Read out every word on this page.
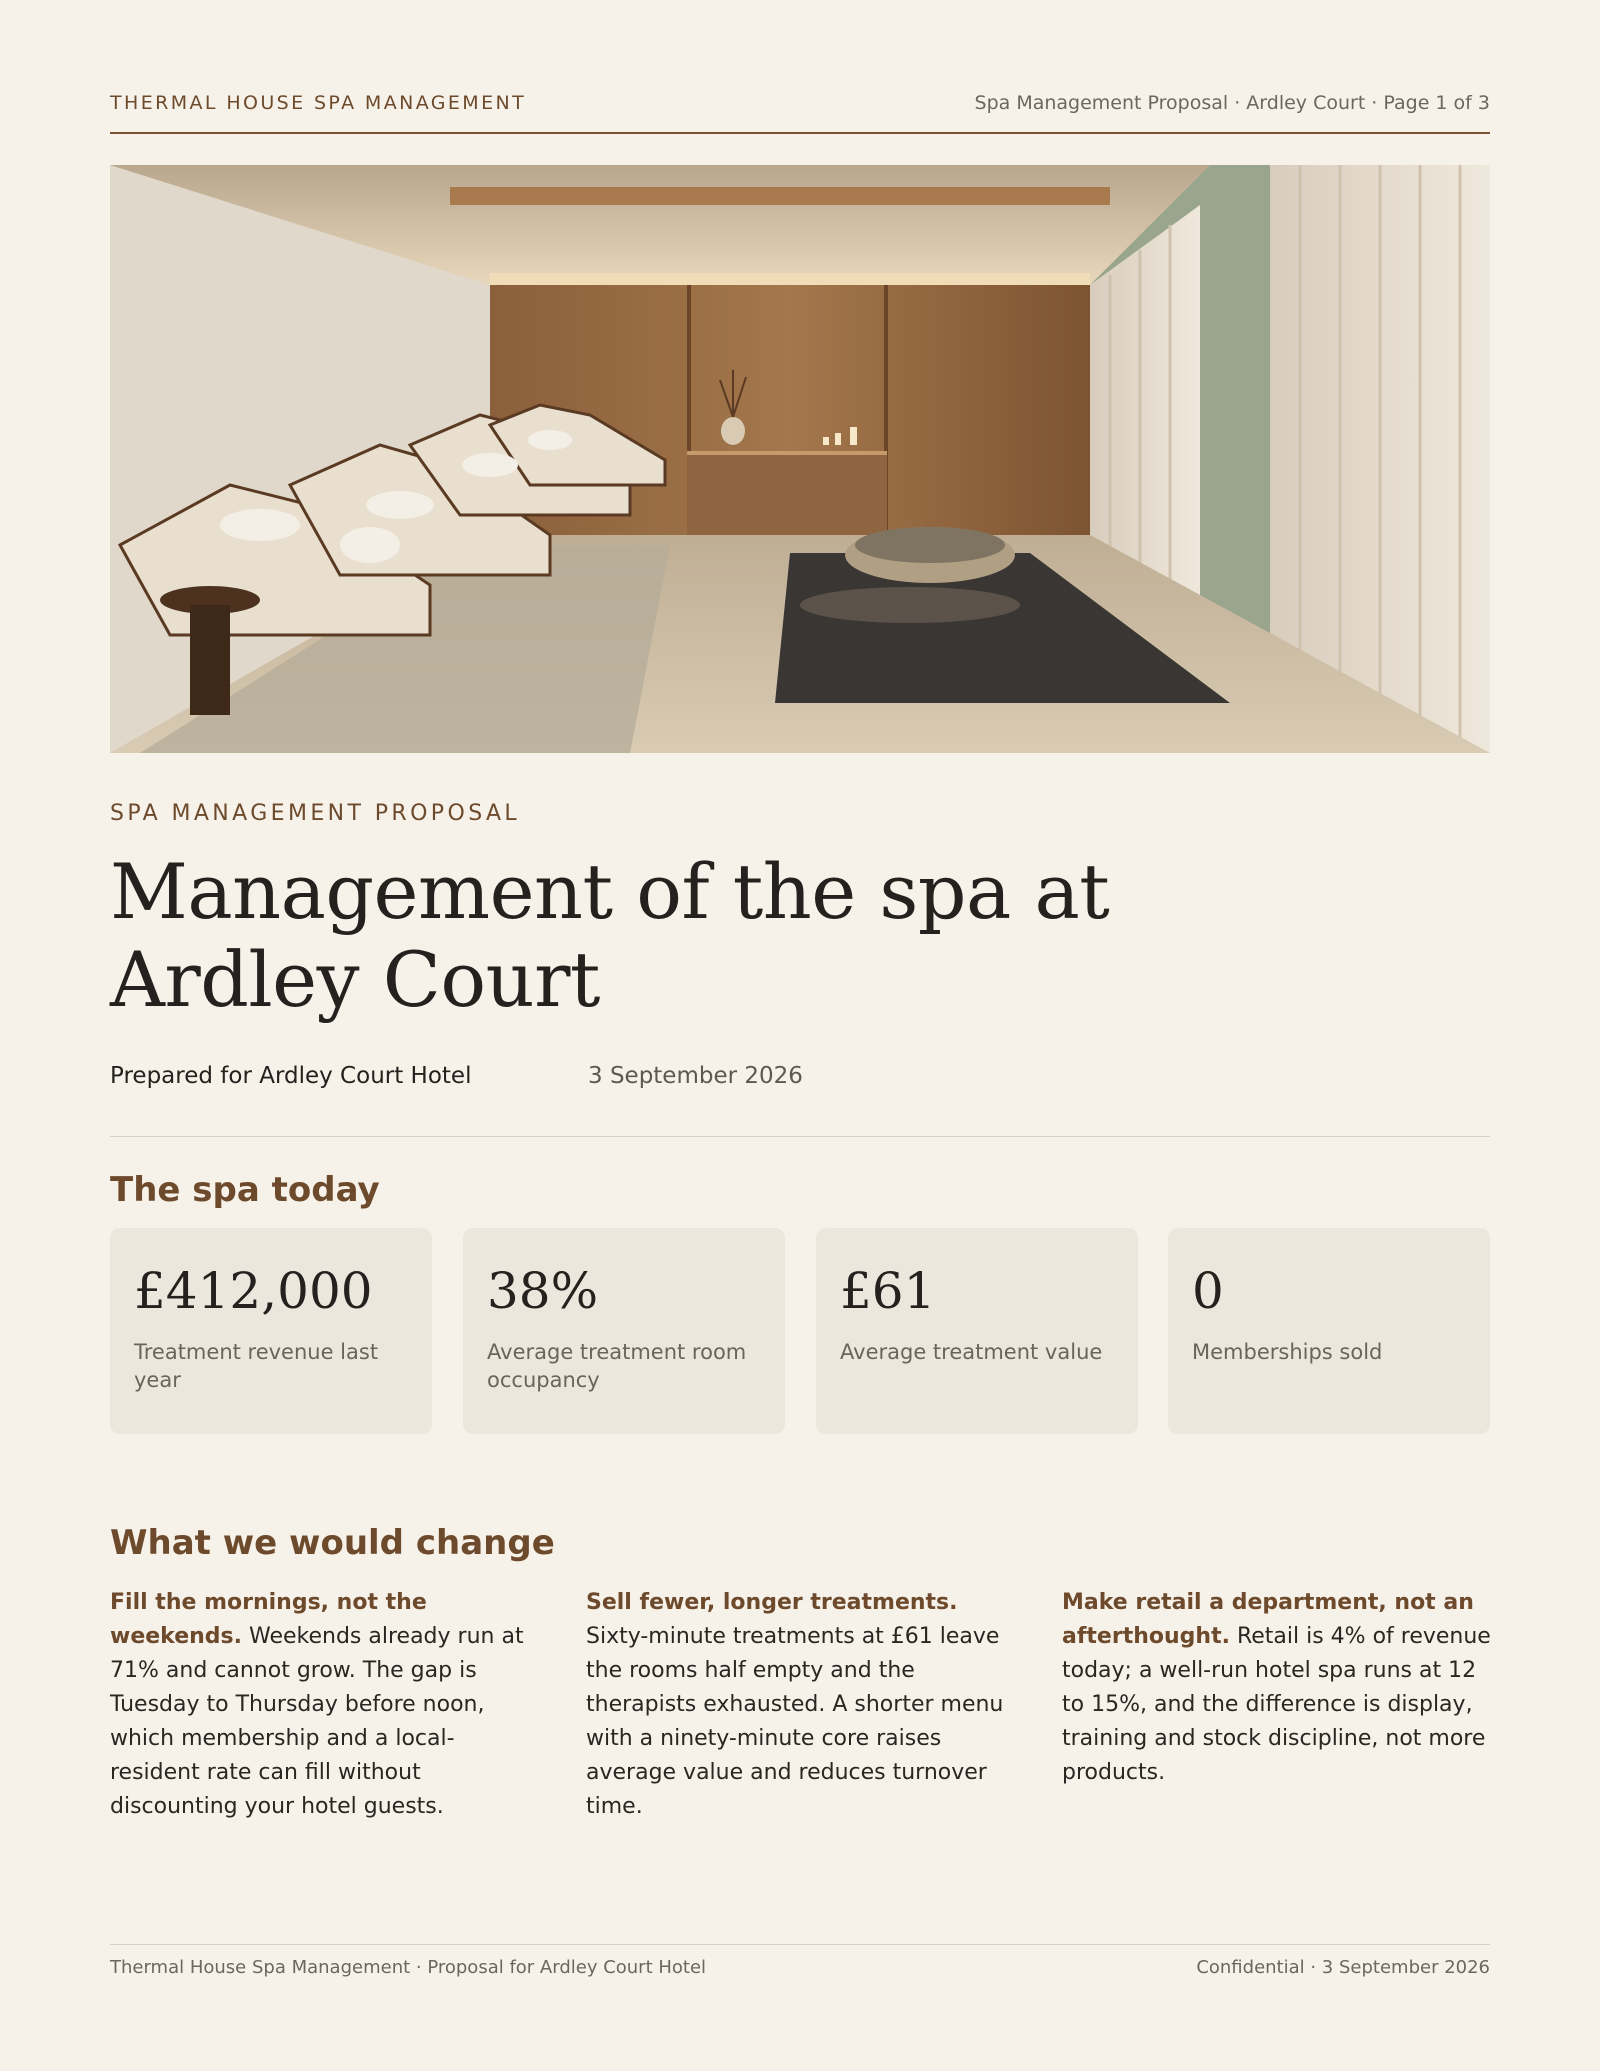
THERMAL HOUSE SPA MANAGEMENT	Spa Management Proposal · Ardley Court · Page 1 of 3
SPA MANAGEMENT PROPOSAL
Management of the spa at Ardley Court
Prepared for Ardley Court Hotel	3 September 2026
The spa today
£412,000
Treatment revenue last year
38%
Average treatment room occupancy
£61
Average treatment value
0
Memberships sold
What we would change
Fill the mornings, not the weekends. Weekends already run at 71% and cannot grow. The gap is Tuesday to Thursday before noon, which membership and a local-resident rate can fill without discounting your hotel guests.
Sell fewer, longer treatments. Sixty-minute treatments at £61 leave the rooms half empty and the therapists exhausted. A shorter menu with a ninety-minute core raises average value and reduces turnover time.
Make retail a department, not an afterthought. Retail is 4% of revenue today; a well-run hotel spa runs at 12 to 15%, and the difference is display, training and stock discipline, not more products.
Thermal House Spa Management · Proposal for Ardley Court Hotel	Confidential · 3 September 2026
